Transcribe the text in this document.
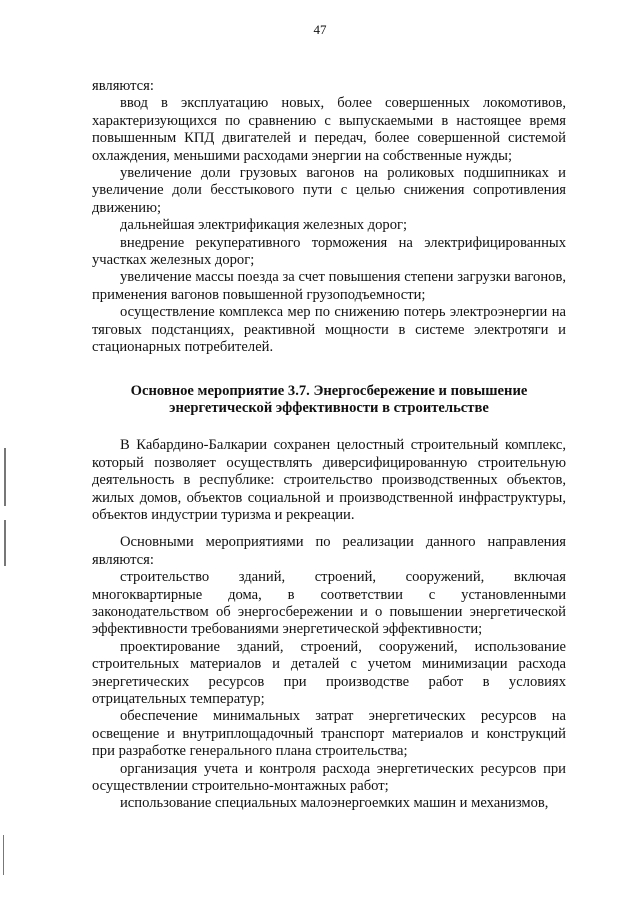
47

являются:

ввод в эксплуатацию новых, более совершенных локомотивов, характеризующихся по сравнению с выпускаемыми в настоящее время повышенным КПД двигателей и передач, более совершенной системой охлаждения, меньшими расходами энергии на собственные нужды;

увеличение доли грузовых вагонов на роликовых подшипниках и увеличение доли бесстыкового пути с целью снижения сопротивления движению;

дальнейшая электрификация железных дорог;

внедрение рекуперативного торможения на электрифицированных участках железных дорог;

увеличение массы поезда за счет повышения степени загрузки вагонов, применения вагонов повышенной грузоподъемности;

осуществление комплекса мер по снижению потерь электроэнергии на тяговых подстанциях, реактивной мощности в системе электротяги и стационарных потребителей.

Основное мероприятие 3.7. Энергосбережение и повышение
энергетической эффективности в строительстве

В Кабардино-Балкарии сохранен целостный строительный комплекс, который позволяет осуществлять диверсифицированную строительную деятельность в республике: строительство производственных объектов, жилых домов, объектов социальной и производственной инфраструктуры, объектов индустрии туризма и рекреации.

Основными мероприятиями по реализации данного направления являются:

строительство зданий, строений, сооружений, включая многоквартирные дома, в соответствии с установленными законодательством об энергосбережении и о повышении энергетической эффективности требованиями энергетической эффективности;

проектирование зданий, строений, сооружений, использование строительных материалов и деталей с учетом минимизации расхода энергетических ресурсов при производстве работ в условиях отрицательных температур;

обеспечение минимальных затрат энергетических ресурсов на освещение и внутриплощадочный транспорт материалов и конструкций при разработке генерального плана строительства;

организация учета и контроля расхода энергетических ресурсов при осуществлении строительно-монтажных работ;

использование специальных малоэнергоемких машин и механизмов,
